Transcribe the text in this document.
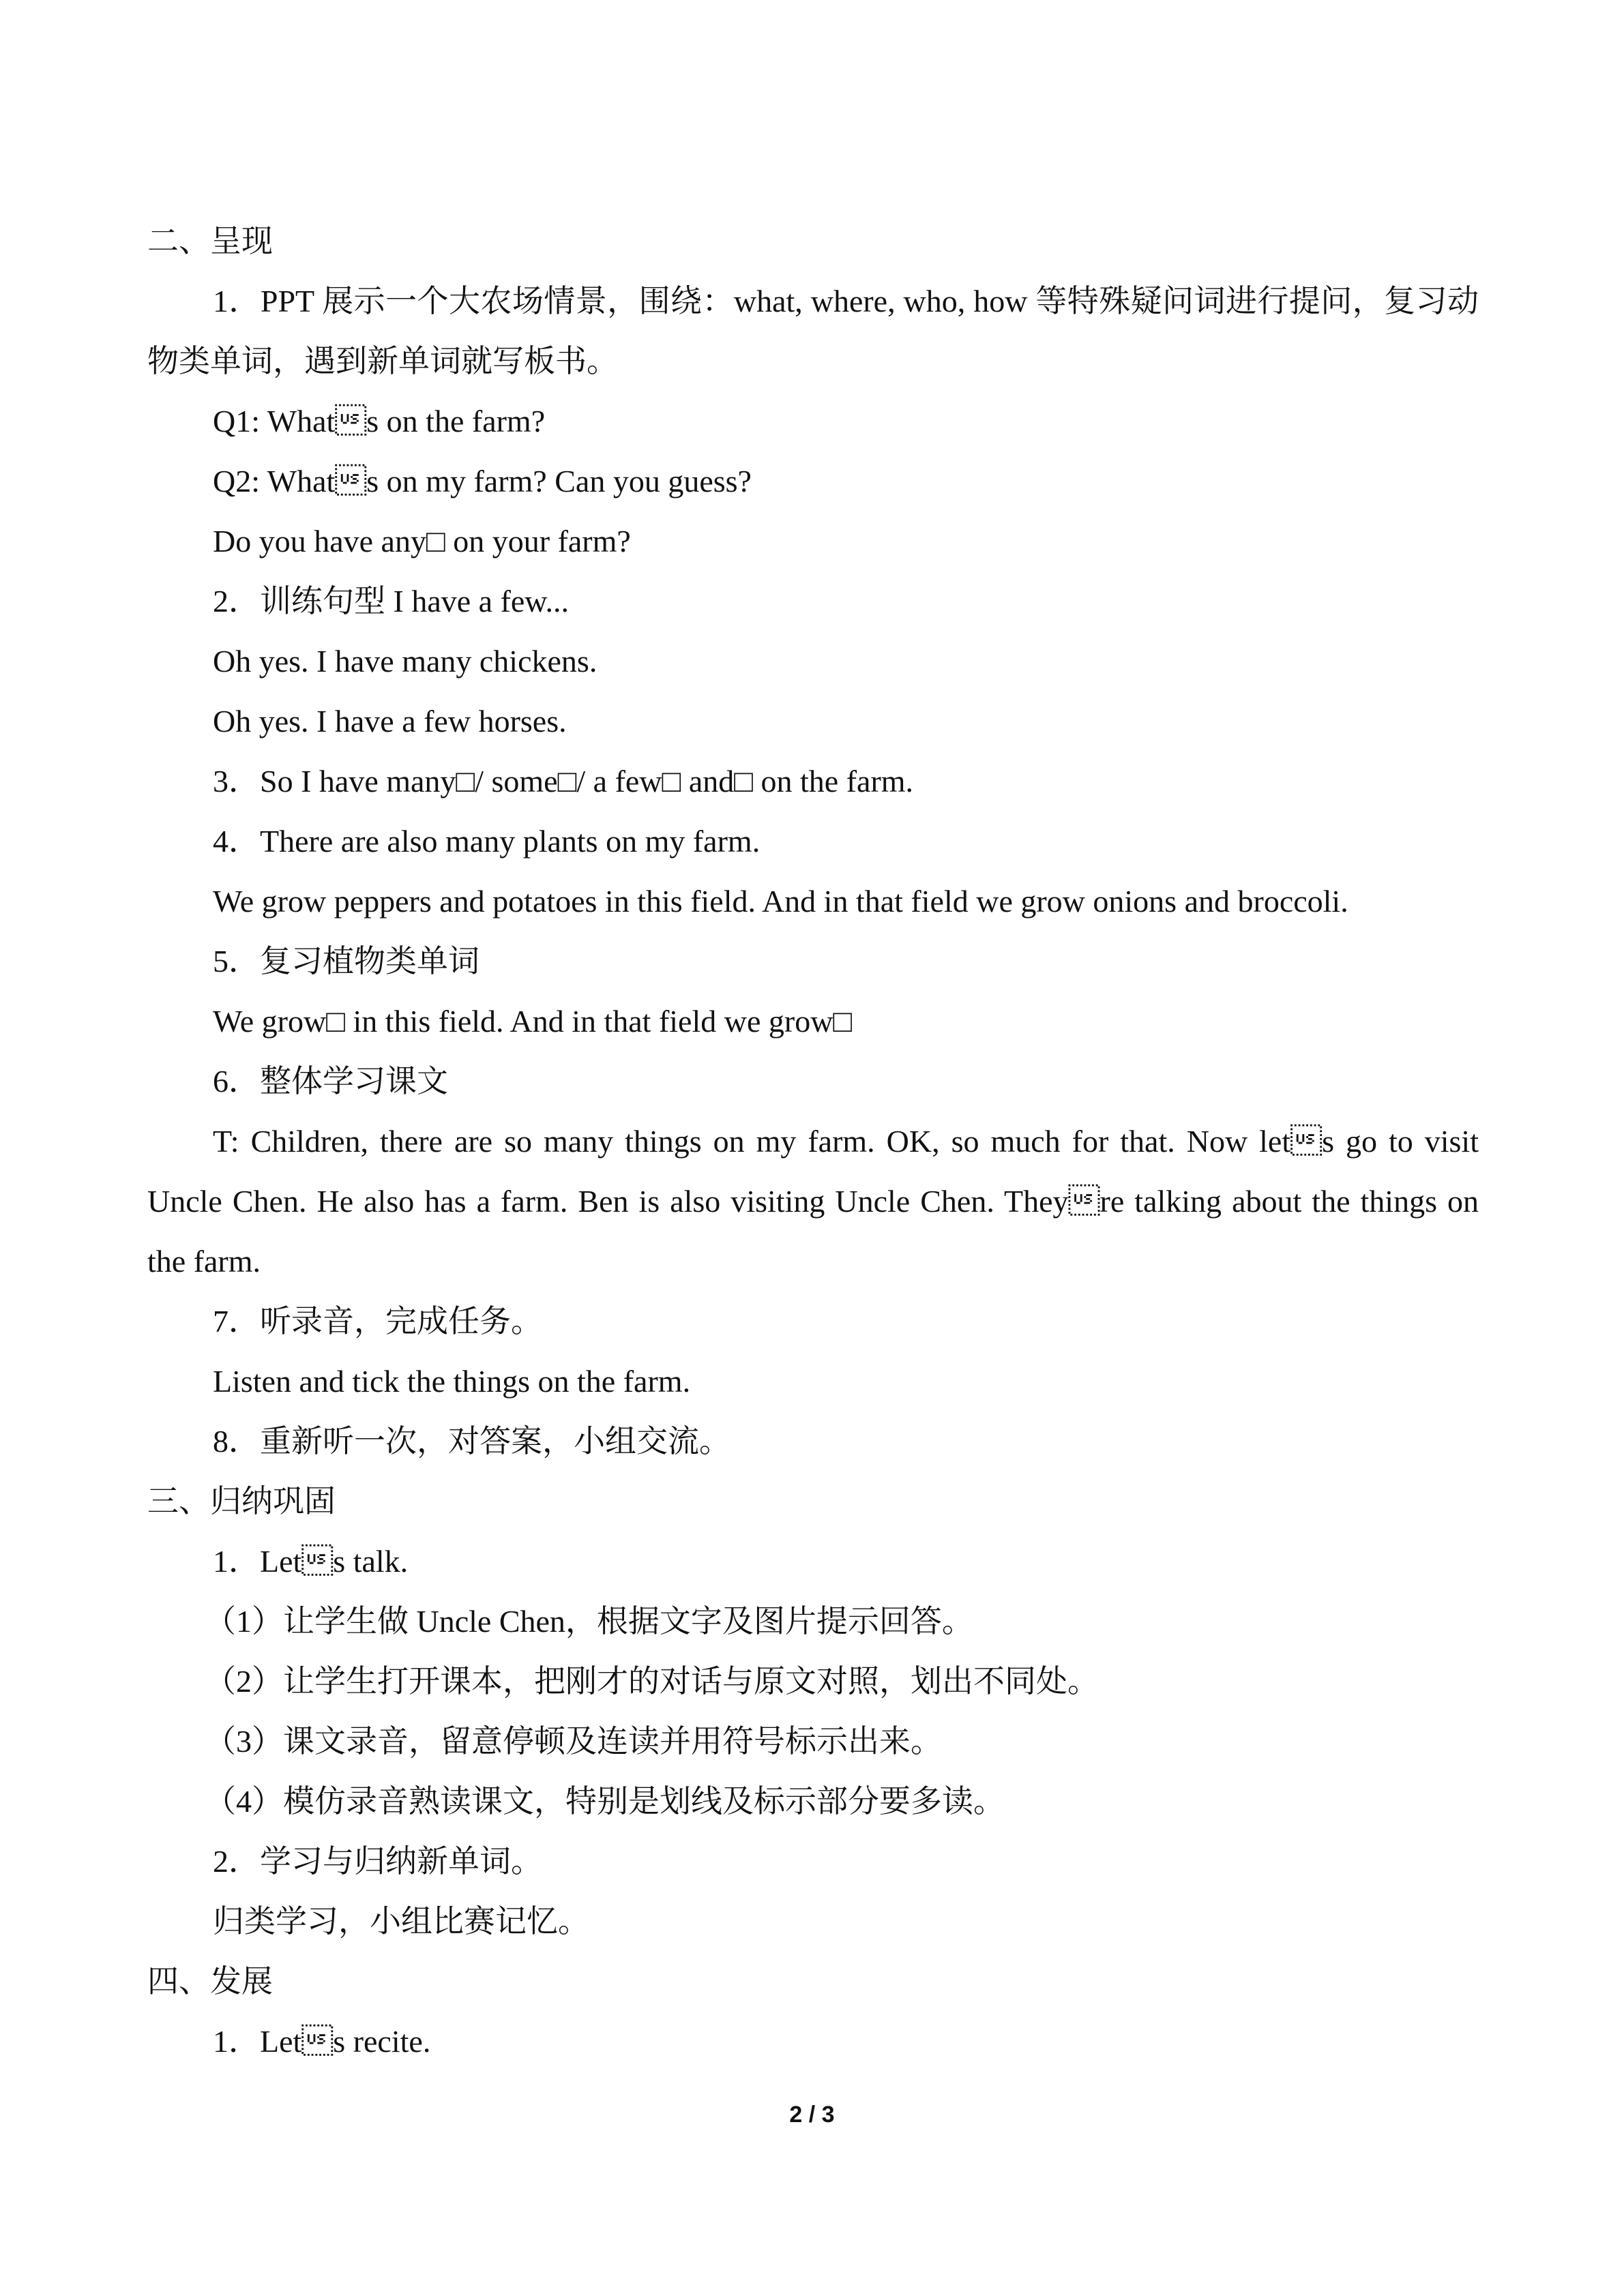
二、呈现
1．PPT 展示一个大农场情景，围绕：what, where, who, how 等特殊疑问词进行提问，复习动物类单词，遇到新单词就写板书。
Q1: Whats on the farm?
Q2: Whats on my farm? Can you guess?
Do you have any□ on your farm?
2．训练句型 I have a few...
Oh yes. I have many chickens.
Oh yes. I have a few horses.
3．So I have many□/ some□/ a few□ and□ on the farm.
4．There are also many plants on my farm.
We grow peppers and potatoes in this field. And in that field we grow onions and broccoli.
5．复习植物类单词
We grow□ in this field. And in that field we grow□
6．整体学习课文
T: Children, there are so many things on my farm. OK, so much for that. Now lets go to visit Uncle Chen. He also has a farm. Ben is also visiting Uncle Chen. Theyre talking about the things on the farm.
7．听录音，完成任务。
Listen and tick the things on the farm.
8．重新听一次，对答案，小组交流。
三、归纳巩固
1．Lets talk.
（1）让学生做 Uncle Chen，根据文字及图片提示回答。
（2）让学生打开课本，把刚才的对话与原文对照，划出不同处。
（3）课文录音，留意停顿及连读并用符号标示出来。
（4）模仿录音熟读课文，特别是划线及标示部分要多读。
2．学习与归纳新单词。
归类学习，小组比赛记忆。
四、发展
1．Lets recite.
2 / 3
